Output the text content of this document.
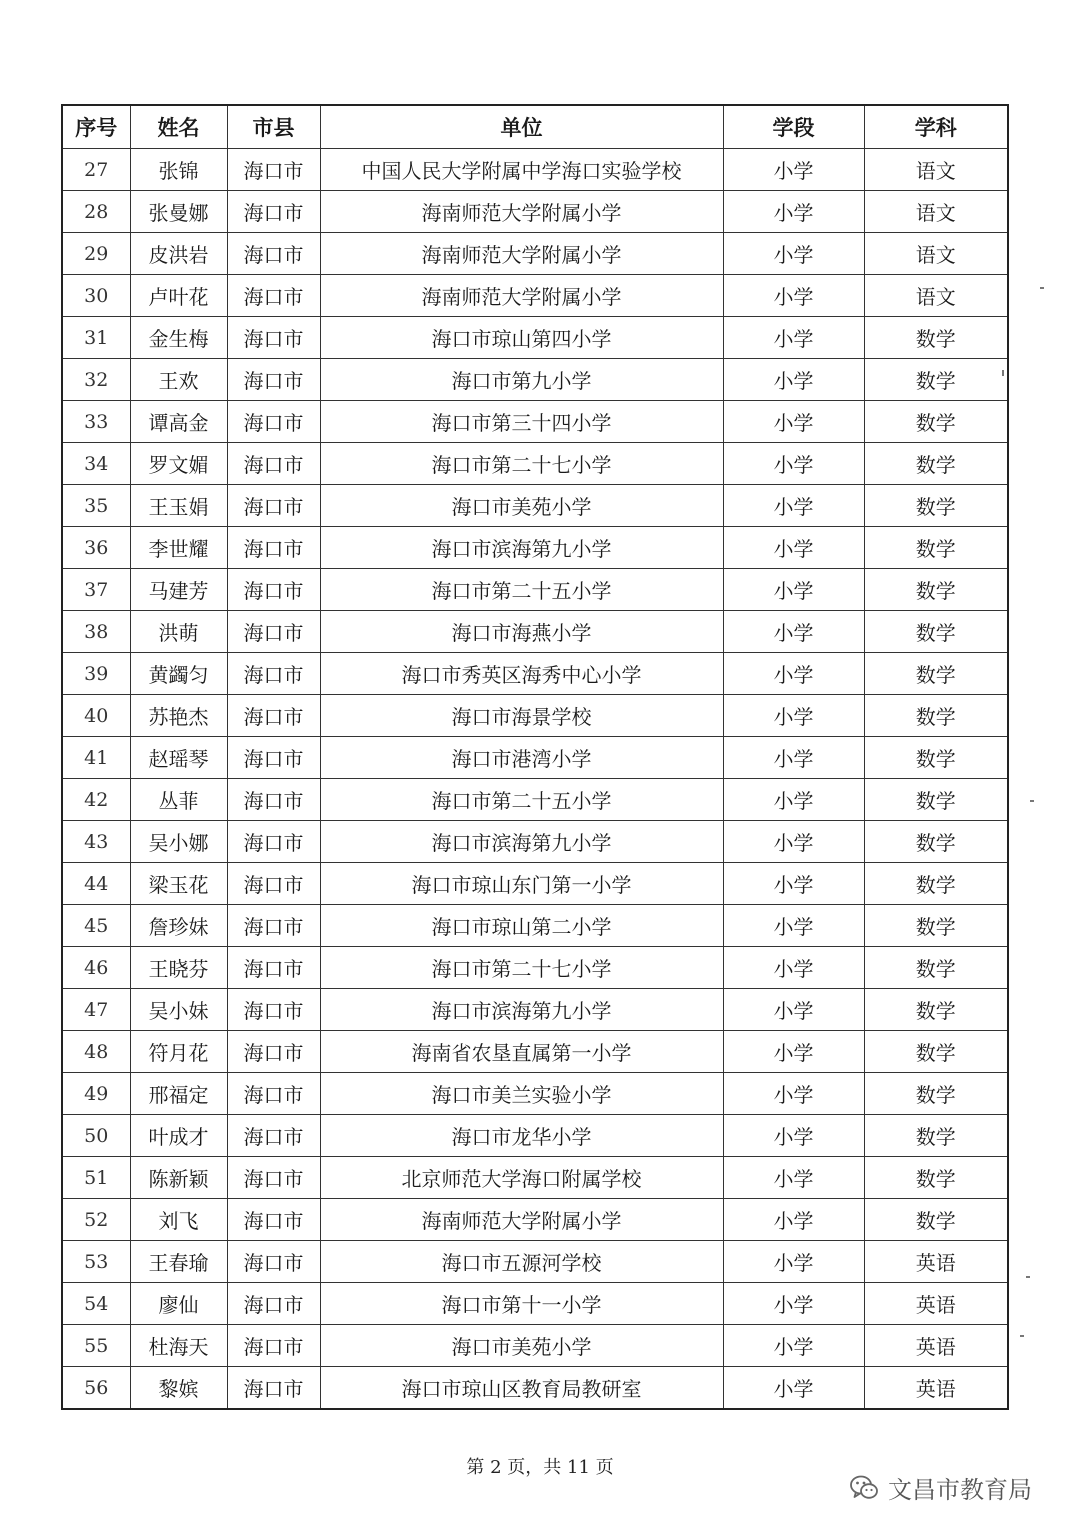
序号	姓名	市县	单位	学段	学科
27	张锦	海口市	中国人民大学附属中学海口实验学校	小学	语文
28	张曼娜	海口市	海南师范大学附属小学	小学	语文
29	皮洪岩	海口市	海南师范大学附属小学	小学	语文
30	卢叶花	海口市	海南师范大学附属小学	小学	语文
31	金生梅	海口市	海口市琼山第四小学	小学	数学
32	王欢	海口市	海口市第九小学	小学	数学
33	谭高金	海口市	海口市第三十四小学	小学	数学
34	罗文媚	海口市	海口市第二十七小学	小学	数学
35	王玉娟	海口市	海口市美苑小学	小学	数学
36	李世耀	海口市	海口市滨海第九小学	小学	数学
37	马建芳	海口市	海口市第二十五小学	小学	数学
38	洪萌	海口市	海口市海燕小学	小学	数学
39	黄蠲匀	海口市	海口市秀英区海秀中心小学	小学	数学
40	苏艳杰	海口市	海口市海景学校	小学	数学
41	赵瑶琴	海口市	海口市港湾小学	小学	数学
42	丛菲	海口市	海口市第二十五小学	小学	数学
43	吴小娜	海口市	海口市滨海第九小学	小学	数学
44	梁玉花	海口市	海口市琼山东门第一小学	小学	数学
45	詹珍妹	海口市	海口市琼山第二小学	小学	数学
46	王晓芬	海口市	海口市第二十七小学	小学	数学
47	吴小妹	海口市	海口市滨海第九小学	小学	数学
48	符月花	海口市	海南省农垦直属第一小学	小学	数学
49	邢福定	海口市	海口市美兰实验小学	小学	数学
50	叶成才	海口市	海口市龙华小学	小学	数学
51	陈新颖	海口市	北京师范大学海口附属学校	小学	数学
52	刘飞	海口市	海南师范大学附属小学	小学	数学
53	王春瑜	海口市	海口市五源河学校	小学	英语
54	廖仙	海口市	海口市第十一小学	小学	英语
55	杜海天	海口市	海口市美苑小学	小学	英语
56	黎嫔	海口市	海口市琼山区教育局教研室	小学	英语
第 2 页，共 11 页
文昌市教育局
